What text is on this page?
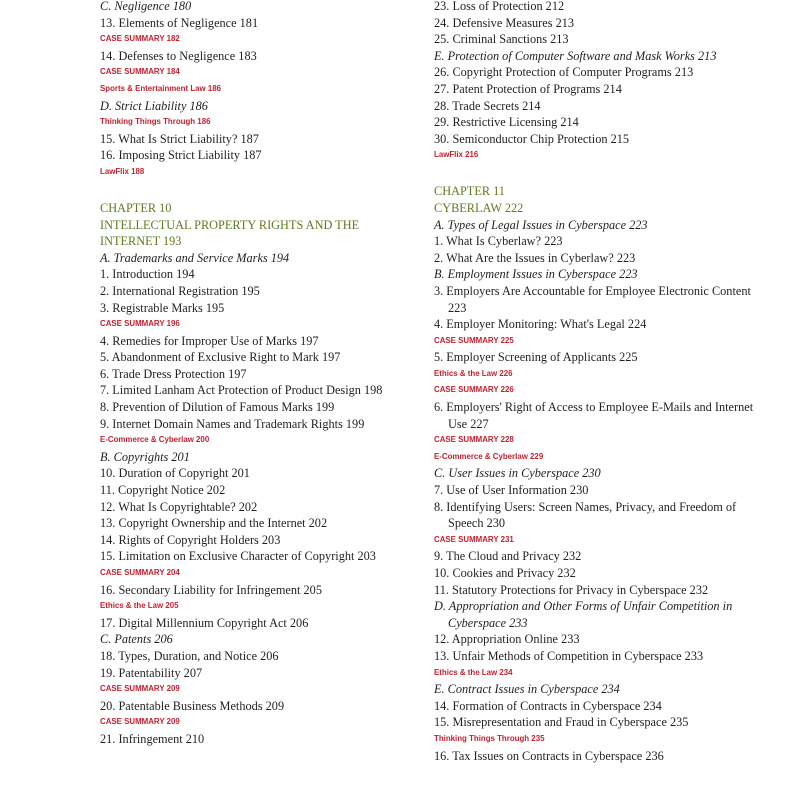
C. Negligence 180
13. Elements of Negligence 181
CASE SUMMARY 182
14. Defenses to Negligence 183
CASE SUMMARY 184
Sports & Entertainment Law 186
D. Strict Liability 186
Thinking Things Through 186
15. What Is Strict Liability? 187
16. Imposing Strict Liability 187
LawFlix 188
CHAPTER 10
INTELLECTUAL PROPERTY RIGHTS AND THE INTERNET 193
A. Trademarks and Service Marks 194
1. Introduction 194
2. International Registration 195
3. Registrable Marks 195
CASE SUMMARY 196
4. Remedies for Improper Use of Marks 197
5. Abandonment of Exclusive Right to Mark 197
6. Trade Dress Protection 197
7. Limited Lanham Act Protection of Product Design 198
8. Prevention of Dilution of Famous Marks 199
9. Internet Domain Names and Trademark Rights 199
E-Commerce & Cyberlaw 200
B. Copyrights 201
10. Duration of Copyright 201
11. Copyright Notice 202
12. What Is Copyrightable? 202
13. Copyright Ownership and the Internet 202
14. Rights of Copyright Holders 203
15. Limitation on Exclusive Character of Copyright 203
CASE SUMMARY 204
16. Secondary Liability for Infringement 205
Ethics & the Law 205
17. Digital Millennium Copyright Act 206
C. Patents 206
18. Types, Duration, and Notice 206
19. Patentability 207
CASE SUMMARY 209
20. Patentable Business Methods 209
CASE SUMMARY 209
21. Infringement 210
23. Loss of Protection 212
24. Defensive Measures 213
25. Criminal Sanctions 213
E. Protection of Computer Software and Mask Works 213
26. Copyright Protection of Computer Programs 213
27. Patent Protection of Programs 214
28. Trade Secrets 214
29. Restrictive Licensing 214
30. Semiconductor Chip Protection 215
LawFlix 216
CHAPTER 11
CYBERLAW 222
A. Types of Legal Issues in Cyberspace 223
1. What Is Cyberlaw? 223
2. What Are the Issues in Cyberlaw? 223
B. Employment Issues in Cyberspace 223
3. Employers Are Accountable for Employee Electronic Content 223
4. Employer Monitoring: What's Legal 224
CASE SUMMARY 225
5. Employer Screening of Applicants 225
Ethics & the Law 226
CASE SUMMARY 226
6. Employers' Right of Access to Employee E-Mails and Internet Use 227
CASE SUMMARY 228
E-Commerce & Cyberlaw 229
C. User Issues in Cyberspace 230
7. Use of User Information 230
8. Identifying Users: Screen Names, Privacy, and Freedom of Speech 230
CASE SUMMARY 231
9. The Cloud and Privacy 232
10. Cookies and Privacy 232
11. Statutory Protections for Privacy in Cyberspace 232
D. Appropriation and Other Forms of Unfair Competition in Cyberspace 233
12. Appropriation Online 233
13. Unfair Methods of Competition in Cyberspace 233
Ethics & the Law 234
E. Contract Issues in Cyberspace 234
14. Formation of Contracts in Cyberspace 234
15. Misrepresentation and Fraud in Cyberspace 235
Thinking Things Through 235
16. Tax Issues on Contracts in Cyberspace 236
